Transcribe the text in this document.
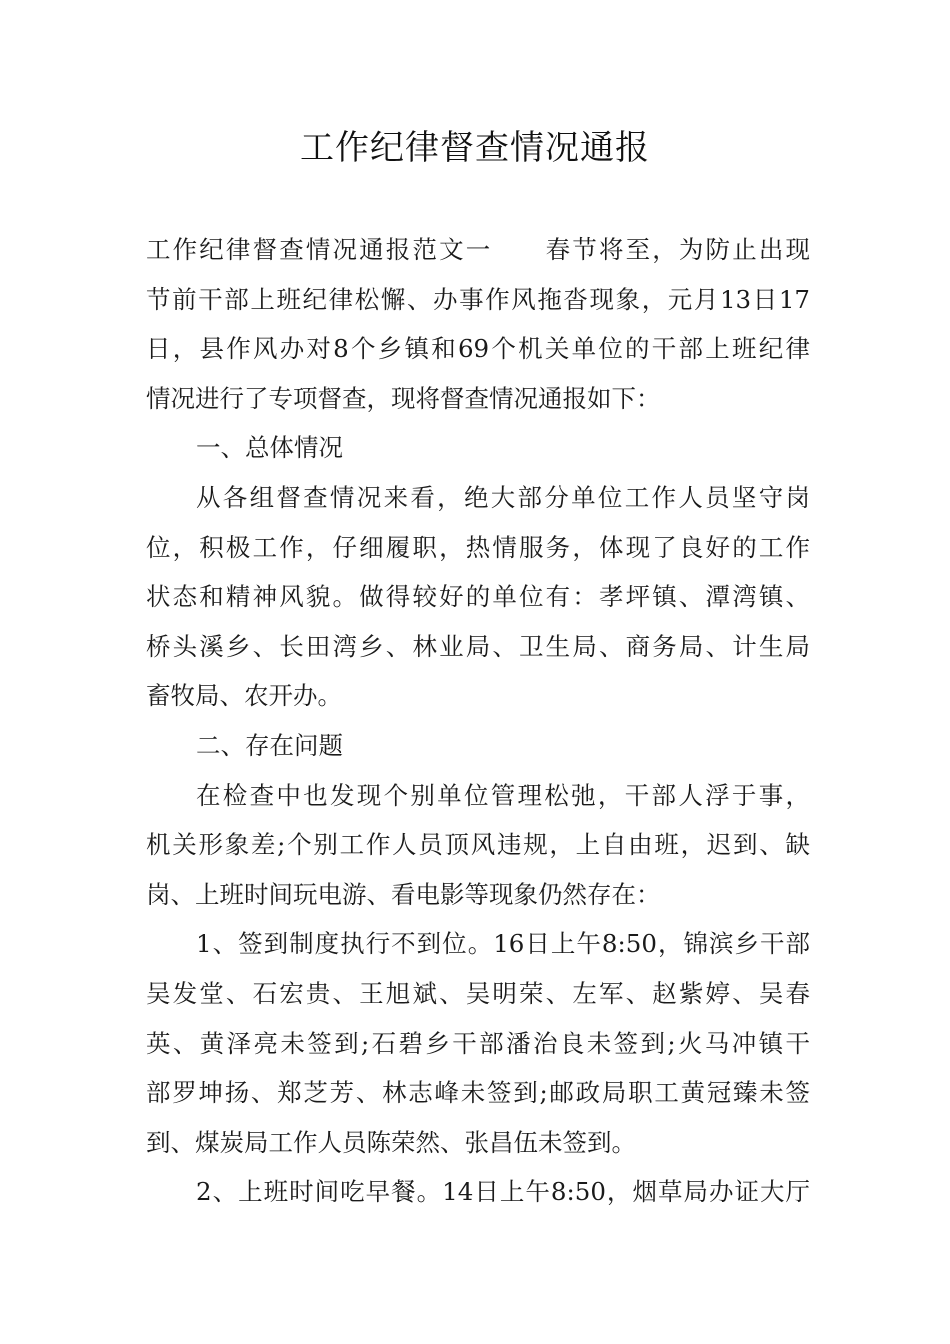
工作纪律督查情况通报
工作纪律督查情况通报范文一　　春节将至，为防止出现
节前干部上班纪律松懈、办事作风拖沓现象，元月13日17
日，县作风办对8个乡镇和69个机关单位的干部上班纪律
情况进行了专项督查，现将督查情况通报如下：
一、总体情况
从各组督查情况来看，绝大部分单位工作人员坚守岗
位，积极工作，仔细履职，热情服务，体现了良好的工作
状态和精神风貌。做得较好的单位有：孝坪镇、潭湾镇、
桥头溪乡、长田湾乡、林业局、卫生局、商务局、计生局
畜牧局、农开办。
二、存在问题
在检查中也发现个别单位管理松弛，干部人浮于事，
机关形象差;个别工作人员顶风违规，上自由班，迟到、缺
岗、上班时间玩电游、看电影等现象仍然存在：
1、签到制度执行不到位。16日上午8:50，锦滨乡干部
吴发堂、石宏贵、王旭斌、吴明荣、左军、赵紫婷、吴春
英、黄泽亮未签到;石碧乡干部潘治良未签到;火马冲镇干
部罗坤扬、郑芝芳、林志峰未签到;邮政局职工黄冠臻未签
到、煤炭局工作人员陈荣然、张昌伍未签到。
2、上班时间吃早餐。14日上午8:50，烟草局办证大厅
